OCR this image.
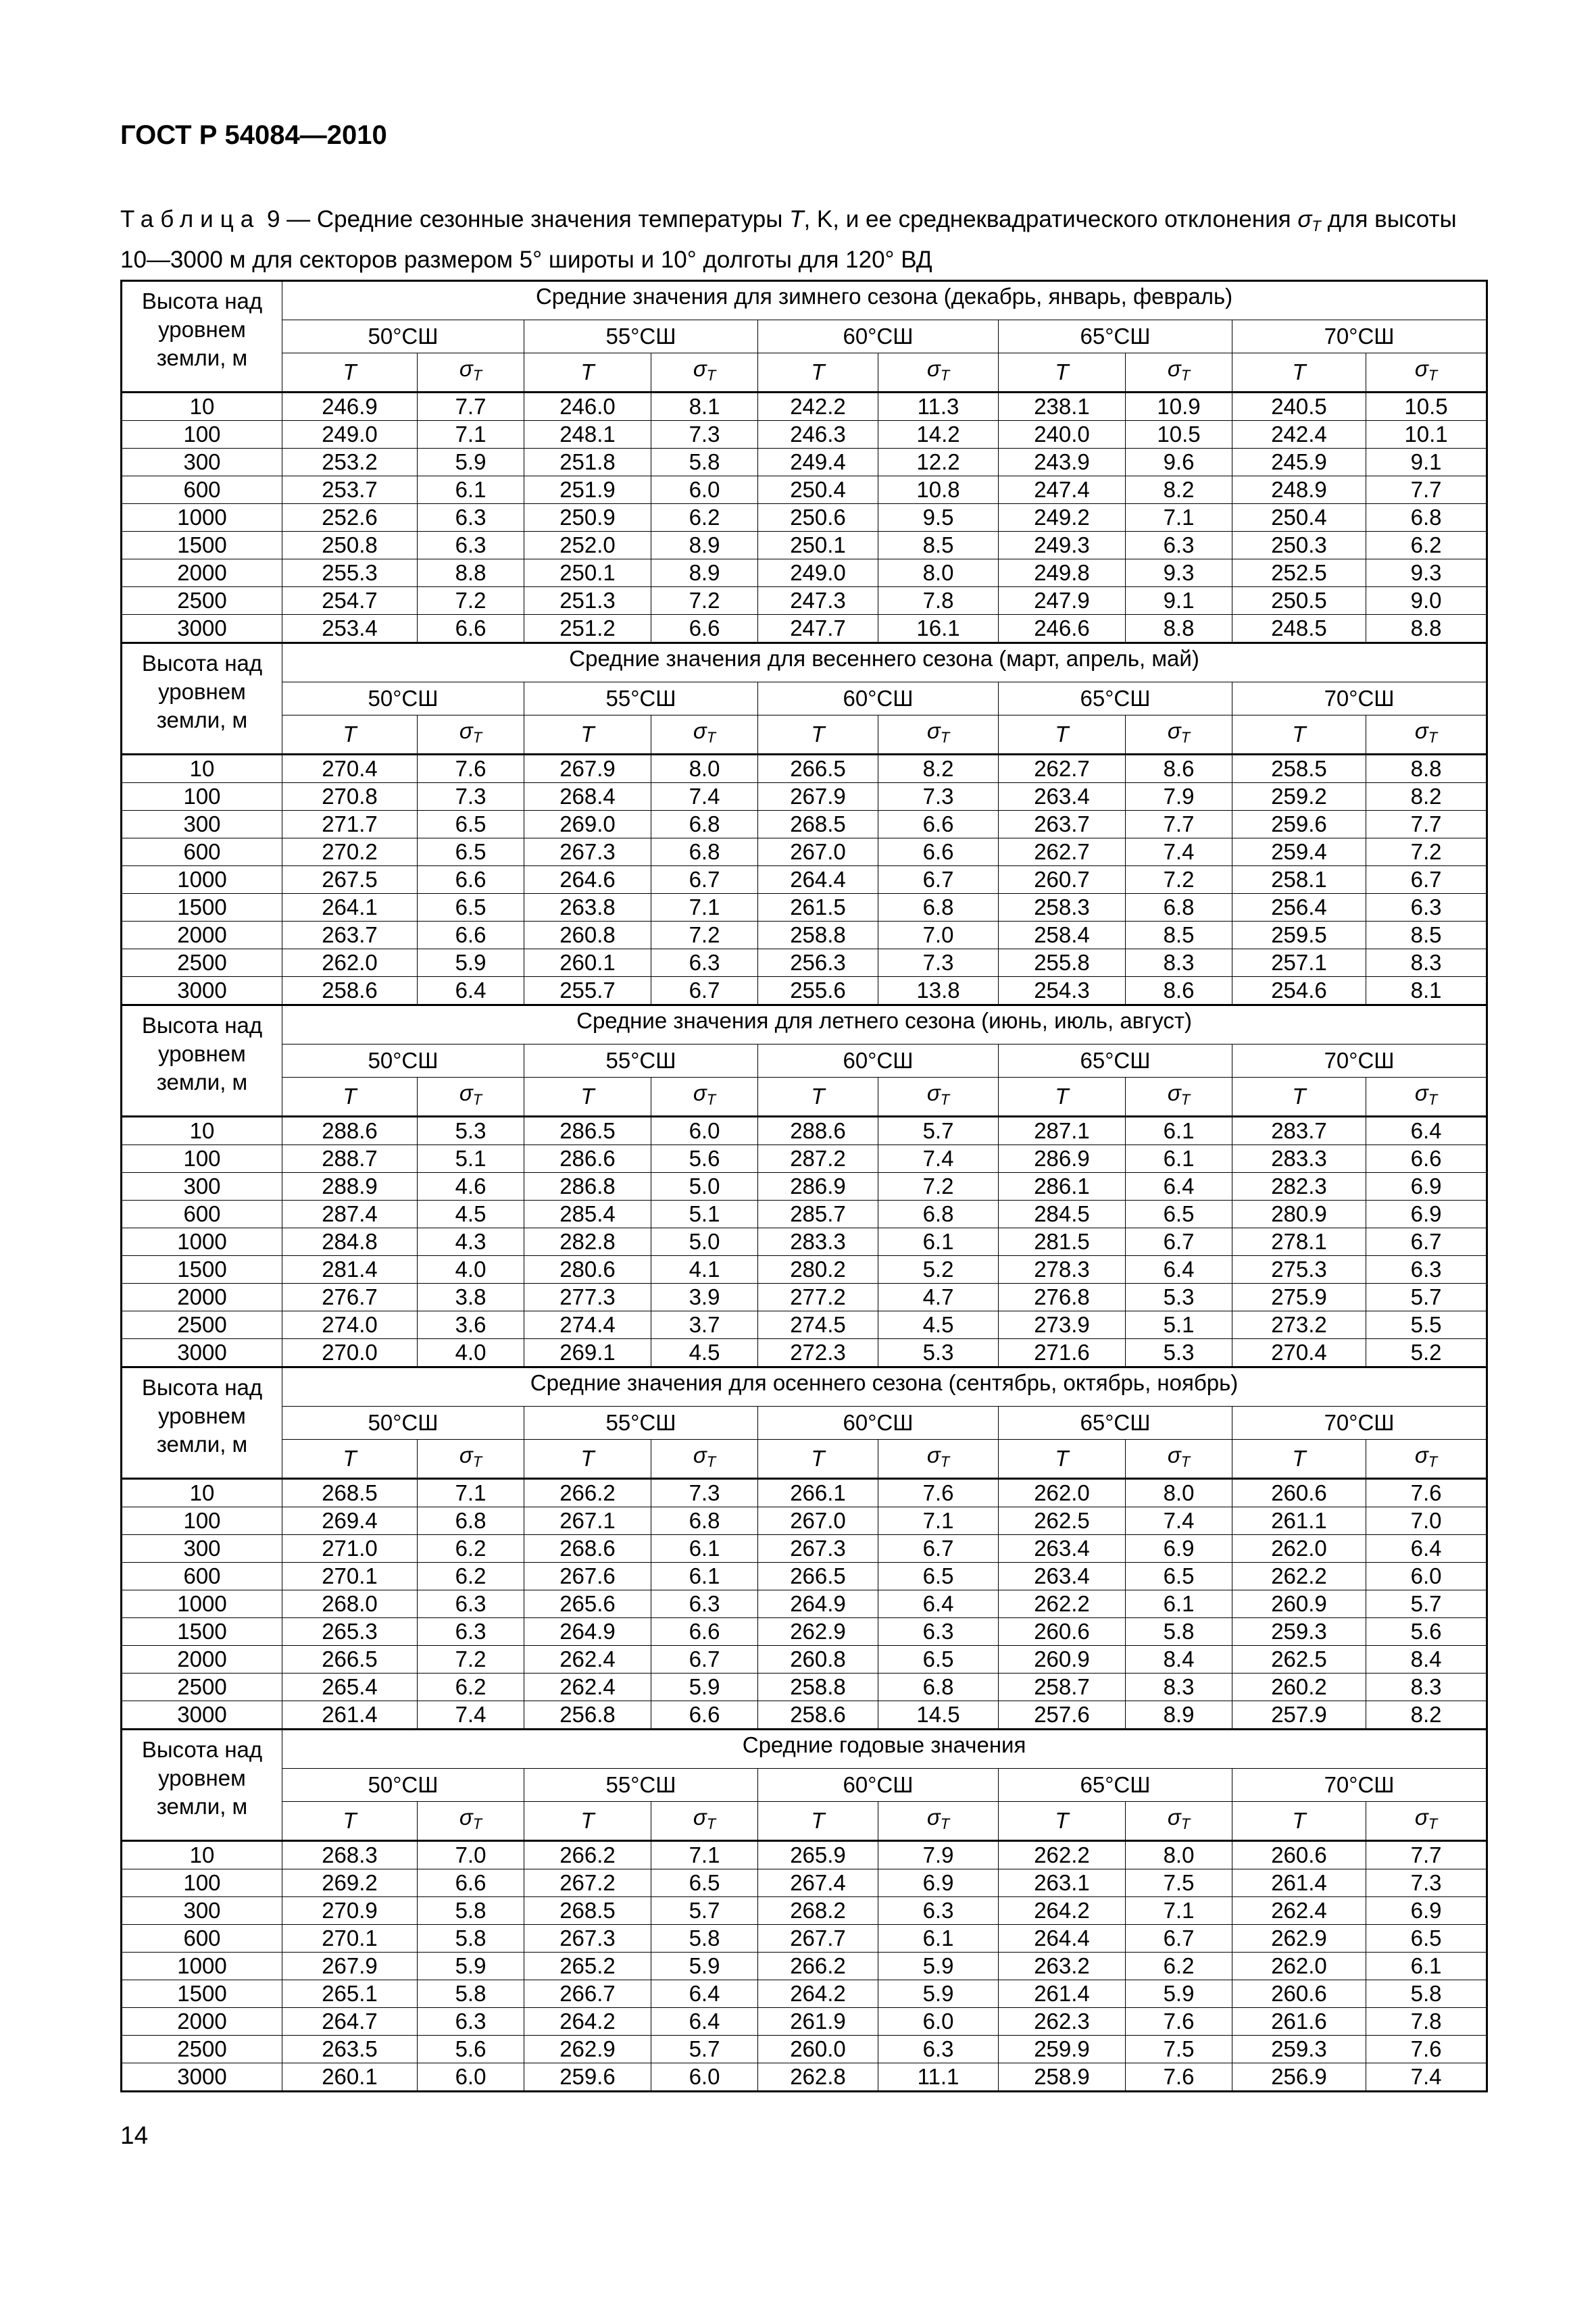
ГОСТ Р 54084—2010
Таблица 9 — Средние сезонные значения температуры T, K, и ее среднеквадратического отклонения $\sigma_T$ для высоты 10—3000 м для секторов размером 5° широты и 10° долготы для 120° ВД
Высота над уровнем земли, м	Средние значения для зимнего сезона (декабрь, январь, февраль)									
	50°СШ		55°СШ		60°СШ		65°СШ		70°СШ	
	T	$\sigma_T$	T	$\sigma_T$	T	$\sigma_T$	T	$\sigma_T$	T	$\sigma_T$
10	246.9	7.7	246.0	8.1	242.2	11.3	238.1	10.9	240.5	10.5
100	249.0	7.1	248.1	7.3	246.3	14.2	240.0	10.5	242.4	10.1
300	253.2	5.9	251.8	5.8	249.4	12.2	243.9	9.6	245.9	9.1
600	253.7	6.1	251.9	6.0	250.4	10.8	247.4	8.2	248.9	7.7
1000	252.6	6.3	250.9	6.2	250.6	9.5	249.2	7.1	250.4	6.8
1500	250.8	6.3	252.0	8.9	250.1	8.5	249.3	6.3	250.3	6.2
2000	255.3	8.8	250.1	8.9	249.0	8.0	249.8	9.3	252.5	9.3
2500	254.7	7.2	251.3	7.2	247.3	7.8	247.9	9.1	250.5	9.0
3000	253.4	6.6	251.2	6.6	247.7	16.1	246.6	8.8	248.5	8.8
Высота над уровнем земли, м	Средние значения для весеннего сезона (март, апрель, май)									
	50°СШ		55°СШ		60°СШ		65°СШ		70°СШ	
	T	$\sigma_T$	T	$\sigma_T$	T	$\sigma_T$	T	$\sigma_T$	T	$\sigma_T$
10	270.4	7.6	267.9	8.0	266.5	8.2	262.7	8.6	258.5	8.8
100	270.8	7.3	268.4	7.4	267.9	7.3	263.4	7.9	259.2	8.2
300	271.7	6.5	269.0	6.8	268.5	6.6	263.7	7.7	259.6	7.7
600	270.2	6.5	267.3	6.8	267.0	6.6	262.7	7.4	259.4	7.2
1000	267.5	6.6	264.6	6.7	264.4	6.7	260.7	7.2	258.1	6.7
1500	264.1	6.5	263.8	7.1	261.5	6.8	258.3	6.8	256.4	6.3
2000	263.7	6.6	260.8	7.2	258.8	7.0	258.4	8.5	259.5	8.5
2500	262.0	5.9	260.1	6.3	256.3	7.3	255.8	8.3	257.1	8.3
3000	258.6	6.4	255.7	6.7	255.6	13.8	254.3	8.6	254.6	8.1
Высота над уровнем земли, м	Средние значения для летнего сезона (июнь, июль, август)									
	50°СШ		55°СШ		60°СШ		65°СШ		70°СШ	
	T	$\sigma_T$	T	$\sigma_T$	T	$\sigma_T$	T	$\sigma_T$	T	$\sigma_T$
10	288.6	5.3	286.5	6.0	288.6	5.7	287.1	6.1	283.7	6.4
100	288.7	5.1	286.6	5.6	287.2	7.4	286.9	6.1	283.3	6.6
300	288.9	4.6	286.8	5.0	286.9	7.2	286.1	6.4	282.3	6.9
600	287.4	4.5	285.4	5.1	285.7	6.8	284.5	6.5	280.9	6.9
1000	284.8	4.3	282.8	5.0	283.3	6.1	281.5	6.7	278.1	6.7
1500	281.4	4.0	280.6	4.1	280.2	5.2	278.3	6.4	275.3	6.3
2000	276.7	3.8	277.3	3.9	277.2	4.7	276.8	5.3	275.9	5.7
2500	274.0	3.6	274.4	3.7	274.5	4.5	273.9	5.1	273.2	5.5
3000	270.0	4.0	269.1	4.5	272.3	5.3	271.6	5.3	270.4	5.2
Высота над уровнем земли, м	Средние значения для осеннего сезона (сентябрь, октябрь, ноябрь)									
	50°СШ		55°СШ		60°СШ		65°СШ		70°СШ	
	T	$\sigma_T$	T	$\sigma_T$	T	$\sigma_T$	T	$\sigma_T$	T	$\sigma_T$
10	268.5	7.1	266.2	7.3	266.1	7.6	262.0	8.0	260.6	7.6
100	269.4	6.8	267.1	6.8	267.0	7.1	262.5	7.4	261.1	7.0
300	271.0	6.2	268.6	6.1	267.3	6.7	263.4	6.9	262.0	6.4
600	270.1	6.2	267.6	6.1	266.5	6.5	263.4	6.5	262.2	6.0
1000	268.0	6.3	265.6	6.3	264.9	6.4	262.2	6.1	260.9	5.7
1500	265.3	6.3	264.9	6.6	262.9	6.3	260.6	5.8	259.3	5.6
2000	266.5	7.2	262.4	6.7	260.8	6.5	260.9	8.4	262.5	8.4
2500	265.4	6.2	262.4	5.9	258.8	6.8	258.7	8.3	260.2	8.3
3000	261.4	7.4	256.8	6.6	258.6	14.5	257.6	8.9	257.9	8.2
Высота над уровнем земли, м	Средние годовые значения									
	50°СШ		55°СШ		60°СШ		65°СШ		70°СШ	
	T	$\sigma_T$	T	$\sigma_T$	T	$\sigma_T$	T	$\sigma_T$	T	$\sigma_T$
10	268.3	7.0	266.2	7.1	265.9	7.9	262.2	8.0	260.6	7.7
100	269.2	6.6	267.2	6.5	267.4	6.9	263.1	7.5	261.4	7.3
300	270.9	5.8	268.5	5.7	268.2	6.3	264.2	7.1	262.4	6.9
600	270.1	5.8	267.3	5.8	267.7	6.1	264.4	6.7	262.9	6.5
1000	267.9	5.9	265.2	5.9	266.2	5.9	263.2	6.2	262.0	6.1
1500	265.1	5.8	266.7	6.4	264.2	5.9	261.4	5.9	260.6	5.8
2000	264.7	6.3	264.2	6.4	261.9	6.0	262.3	7.6	261.6	7.8
2500	263.5	5.6	262.9	5.7	260.0	6.3	259.9	7.5	259.3	7.6
3000	260.1	6.0	259.6	6.0	262.8	11.1	258.9	7.6	256.9	7.4
14
